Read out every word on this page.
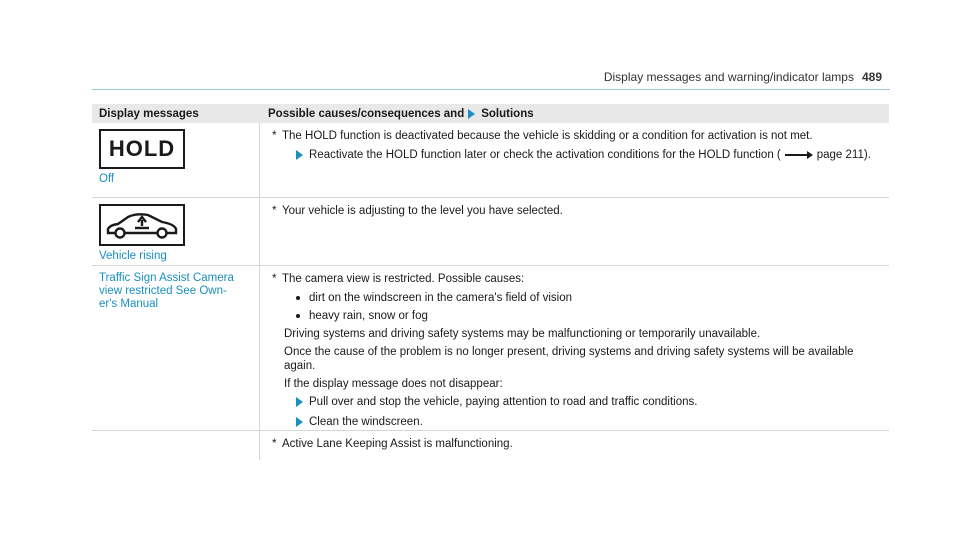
Display messages and warning/indicator lamps 489
Display messages	Possible causes/consequences and Solutions
HOLD
Off
* The HOLD function is deactivated because the vehicle is skidding or a condition for activation is not met.
Reactivate the HOLD function later or check the activation conditions for the HOLD function (	page 211).
Vehicle rising
* Your vehicle is adjusting to the level you have selected.
Traffic Sign Assist Camera view restricted See Own-er's Manual
* The camera view is restricted. Possible causes:
dirt on the windscreen in the camera's field of vision
heavy rain, snow or fog
Driving systems and driving safety systems may be malfunctioning or temporarily unavailable.
Once the cause of the problem is no longer present, driving systems and driving safety systems will be available again.
If the display message does not disappear:
Pull over and stop the vehicle, paying attention to road and traffic conditions.
Clean the windscreen.
* Active Lane Keeping Assist is malfunctioning.
